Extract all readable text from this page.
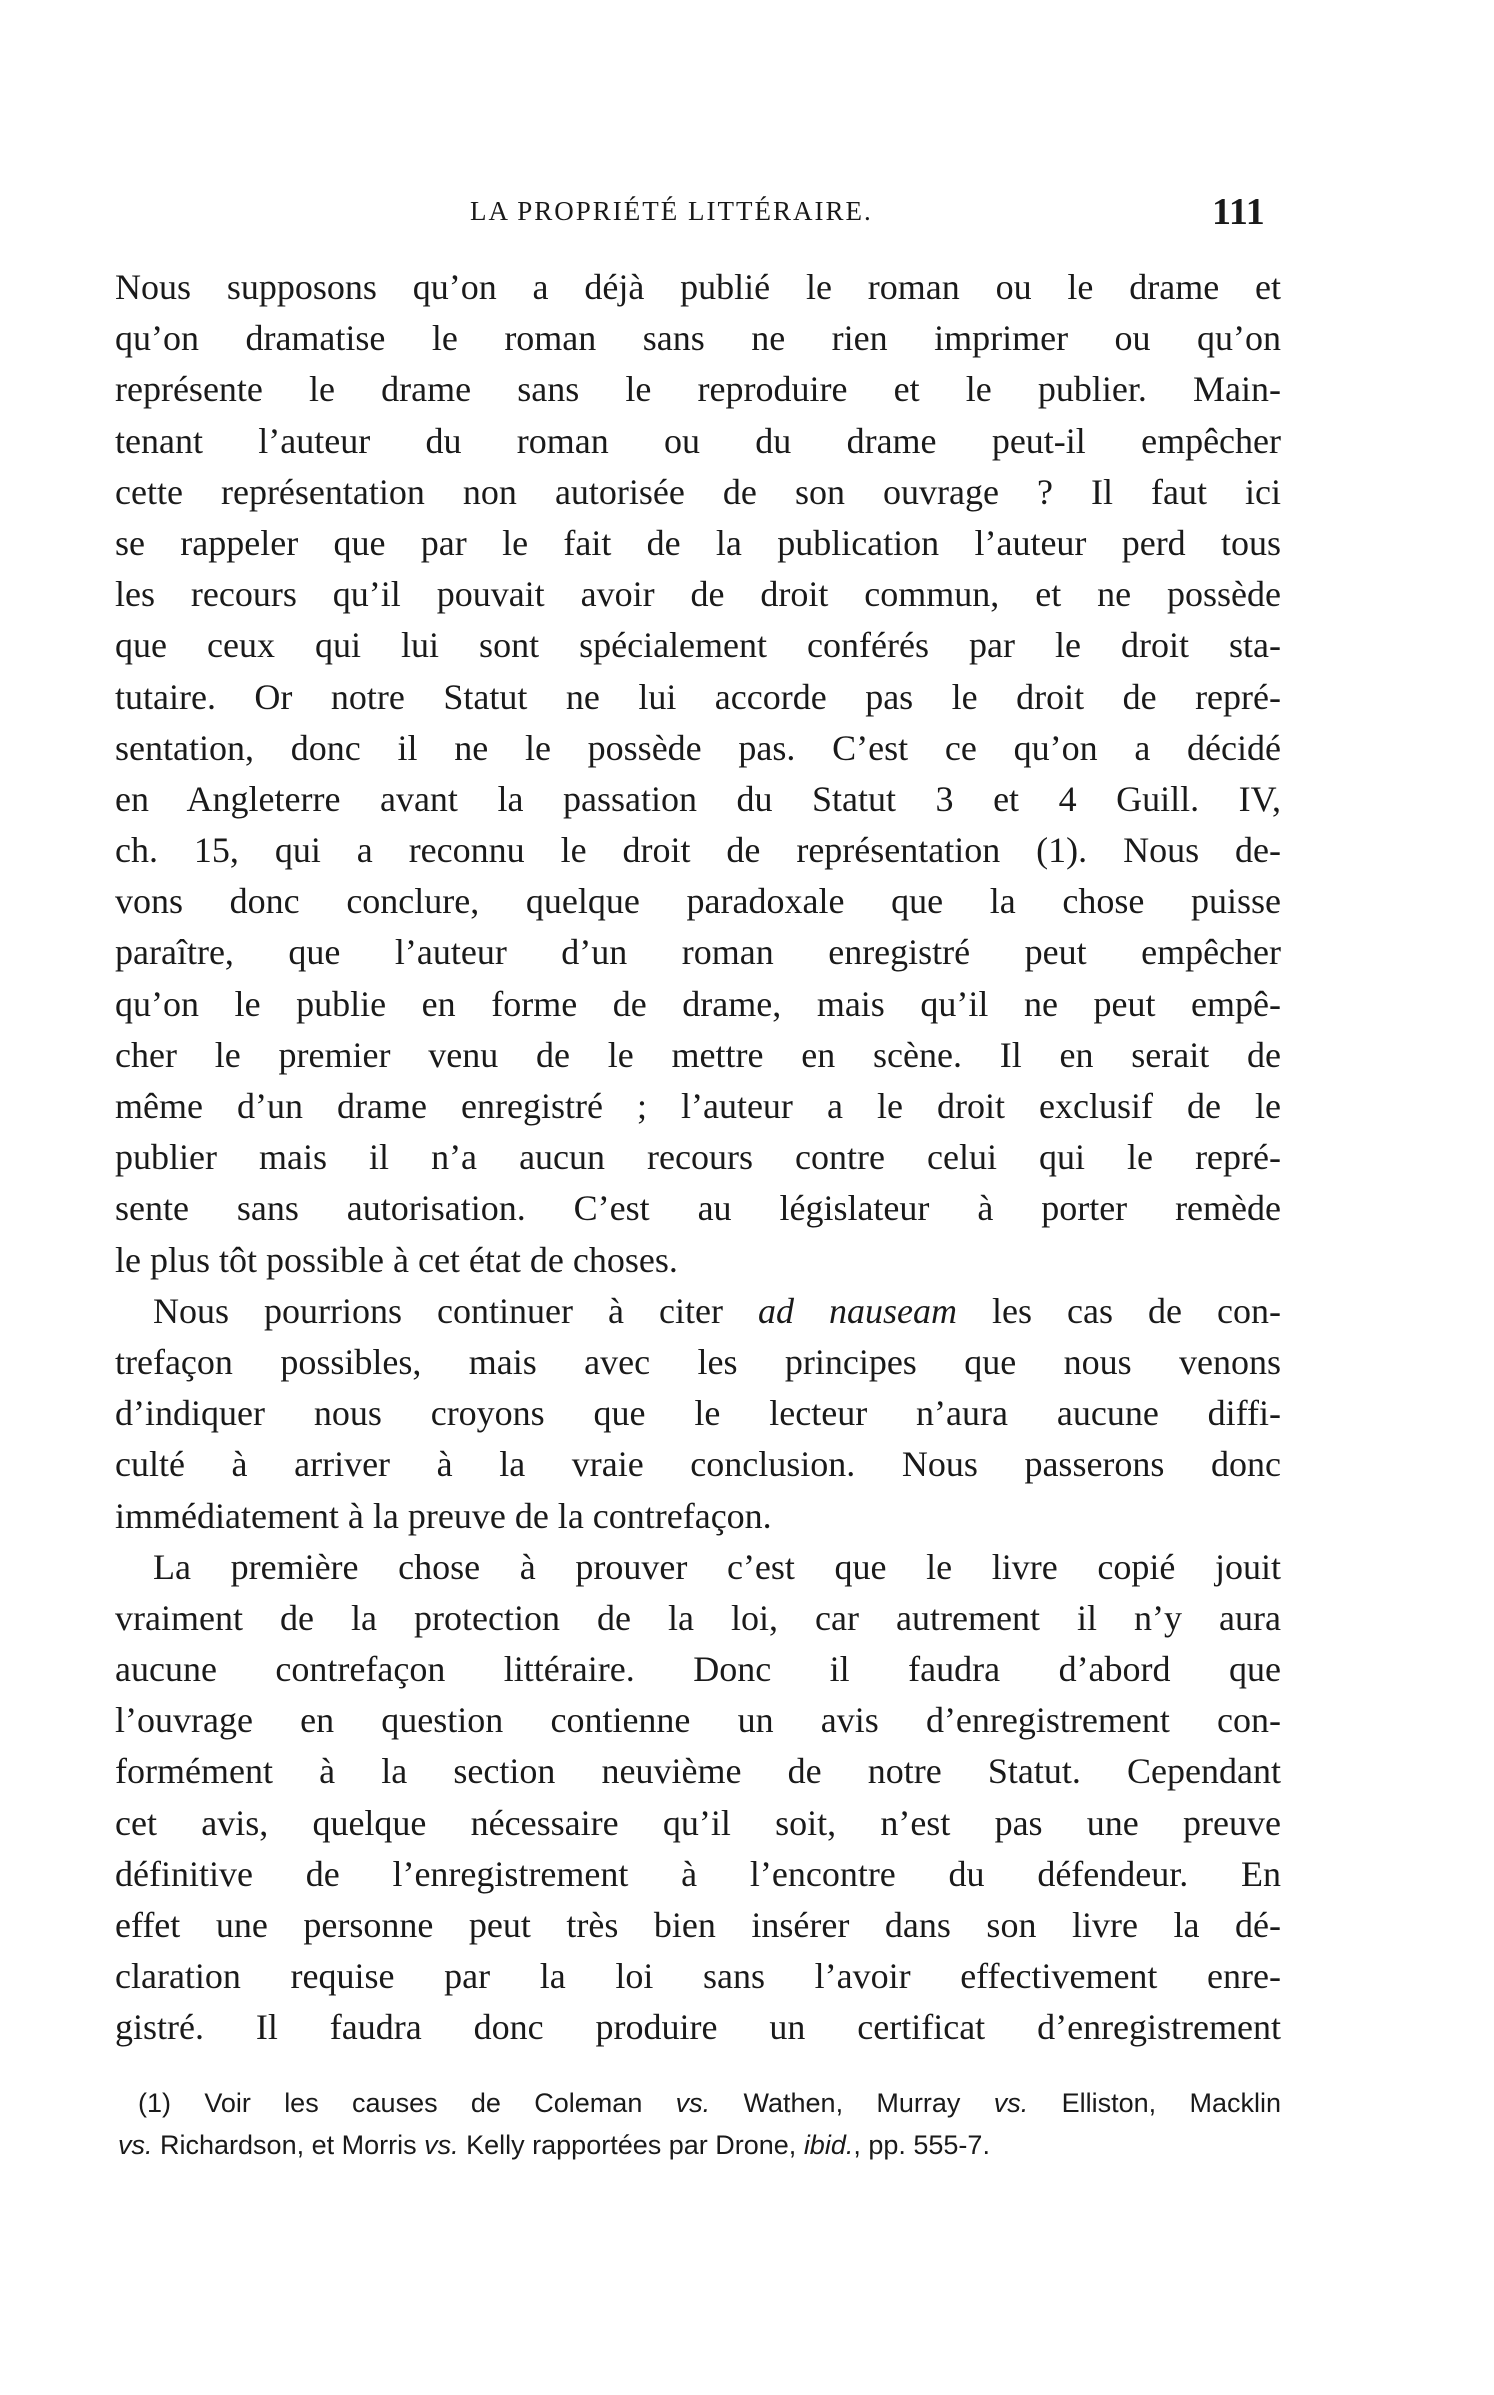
LA PROPRIÉTÉ LITTÉRAIRE.	111
Nous supposons qu’on a déjà publié le roman ou le drame et
qu’on dramatise le roman sans ne rien imprimer ou qu’on
représente le drame sans le reproduire et le publier. Main-
tenant l’auteur du roman ou du drame peut-il empêcher
cette représentation non autorisée de son ouvrage ? Il faut ici
se rappeler que par le fait de la publication l’auteur perd tous
les recours qu’il pouvait avoir de droit commun, et ne possède
que ceux qui lui sont spécialement conférés par le droit sta-
tutaire. Or notre Statut ne lui accorde pas le droit de repré-
sentation, donc il ne le possède pas. C’est ce qu’on a décidé
en Angleterre avant la passation du Statut 3 et 4 Guill. IV,
ch. 15, qui a reconnu le droit de représentation (1). Nous de-
vons donc conclure, quelque paradoxale que la chose puisse
paraître, que l’auteur d’un roman enregistré peut empêcher
qu’on le publie en forme de drame, mais qu’il ne peut empê-
cher le premier venu de le mettre en scène. Il en serait de
même d’un drame enregistré ; l’auteur a le droit exclusif de le
publier mais il n’a aucun recours contre celui qui le repré-
sente sans autorisation. C’est au législateur à porter remède
le plus tôt possible à cet état de choses.
Nous pourrions continuer à citer ad nauseam les cas de con-
trefaçon possibles, mais avec les principes que nous venons
d’indiquer nous croyons que le lecteur n’aura aucune diffi-
culté à arriver à la vraie conclusion. Nous passerons donc
immédiatement à la preuve de la contrefaçon.
La première chose à prouver c’est que le livre copié jouit
vraiment de la protection de la loi, car autrement il n’y aura
aucune contrefaçon littéraire. Donc il faudra d’abord que
l’ouvrage en question contienne un avis d’enregistrement con-
formément à la section neuvième de notre Statut. Cependant
cet avis, quelque nécessaire qu’il soit, n’est pas une preuve
définitive de l’enregistrement à l’encontre du défendeur. En
effet une personne peut très bien insérer dans son livre la dé-
claration requise par la loi sans l’avoir effectivement enre-
gistré. Il faudra donc produire un certificat d’enregistrement
(1) Voir les causes de Coleman vs. Wathen, Murray vs. Elliston, Macklin
vs. Richardson, et Morris vs. Kelly rapportées par Drone, ibid., pp. 555-7.
